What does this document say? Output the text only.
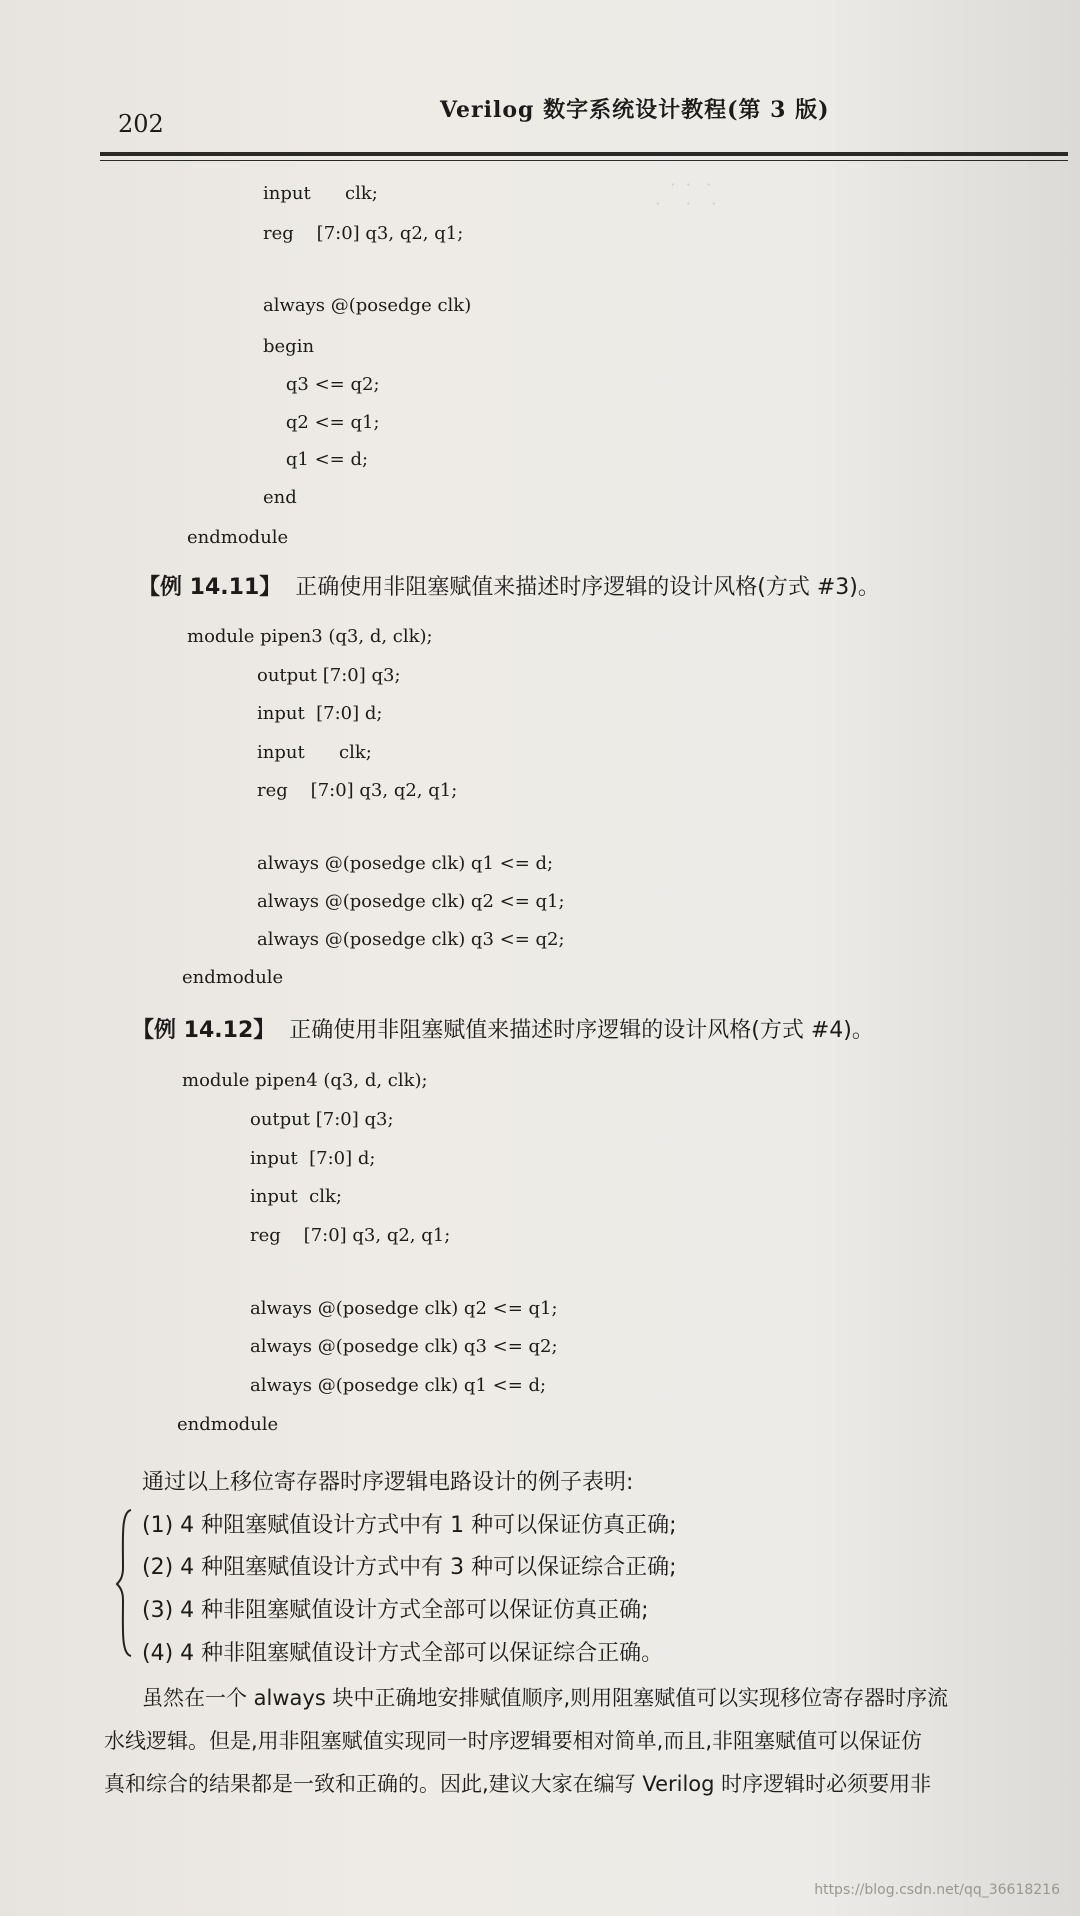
202	Verilog 数字系统设计教程(第 3 版)
·  ·   ·
·     ·    ·
input      clk;
reg    [7:0] q3, q2, q1;
always @(posedge clk)
begin
q3 <= q2;
q2 <= q1;
q1 <= d;
end
endmodule
【例 14.11】 正确使用非阻塞赋值来描述时序逻辑的设计风格(方式 #3)。
module pipen3 (q3, d, clk);
output [7:0] q3;
input  [7:0] d;
input      clk;
reg    [7:0] q3, q2, q1;
always @(posedge clk) q1 <= d;
always @(posedge clk) q2 <= q1;
always @(posedge clk) q3 <= q2;
endmodule
【例 14.12】 正确使用非阻塞赋值来描述时序逻辑的设计风格(方式 #4)。
module pipen4 (q3, d, clk);
output [7:0] q3;
input  [7:0] d;
input  clk;
reg    [7:0] q3, q2, q1;
always @(posedge clk) q2 <= q1;
always @(posedge clk) q3 <= q2;
always @(posedge clk) q1 <= d;
endmodule
通过以上移位寄存器时序逻辑电路设计的例子表明:
(1) 4 种阻塞赋值设计方式中有 1 种可以保证仿真正确;
(2) 4 种阻塞赋值设计方式中有 3 种可以保证综合正确;
(3) 4 种非阻塞赋值设计方式全部可以保证仿真正确;
(4) 4 种非阻塞赋值设计方式全部可以保证综合正确。
虽然在一个 always 块中正确地安排赋值顺序,则用阻塞赋值可以实现移位寄存器时序流
水线逻辑。但是,用非阻塞赋值实现同一时序逻辑要相对简单,而且,非阻塞赋值可以保证仿
真和综合的结果都是一致和正确的。因此,建议大家在编写 Verilog 时序逻辑时必须要用非
https://blog.csdn.net/qq_36618216
